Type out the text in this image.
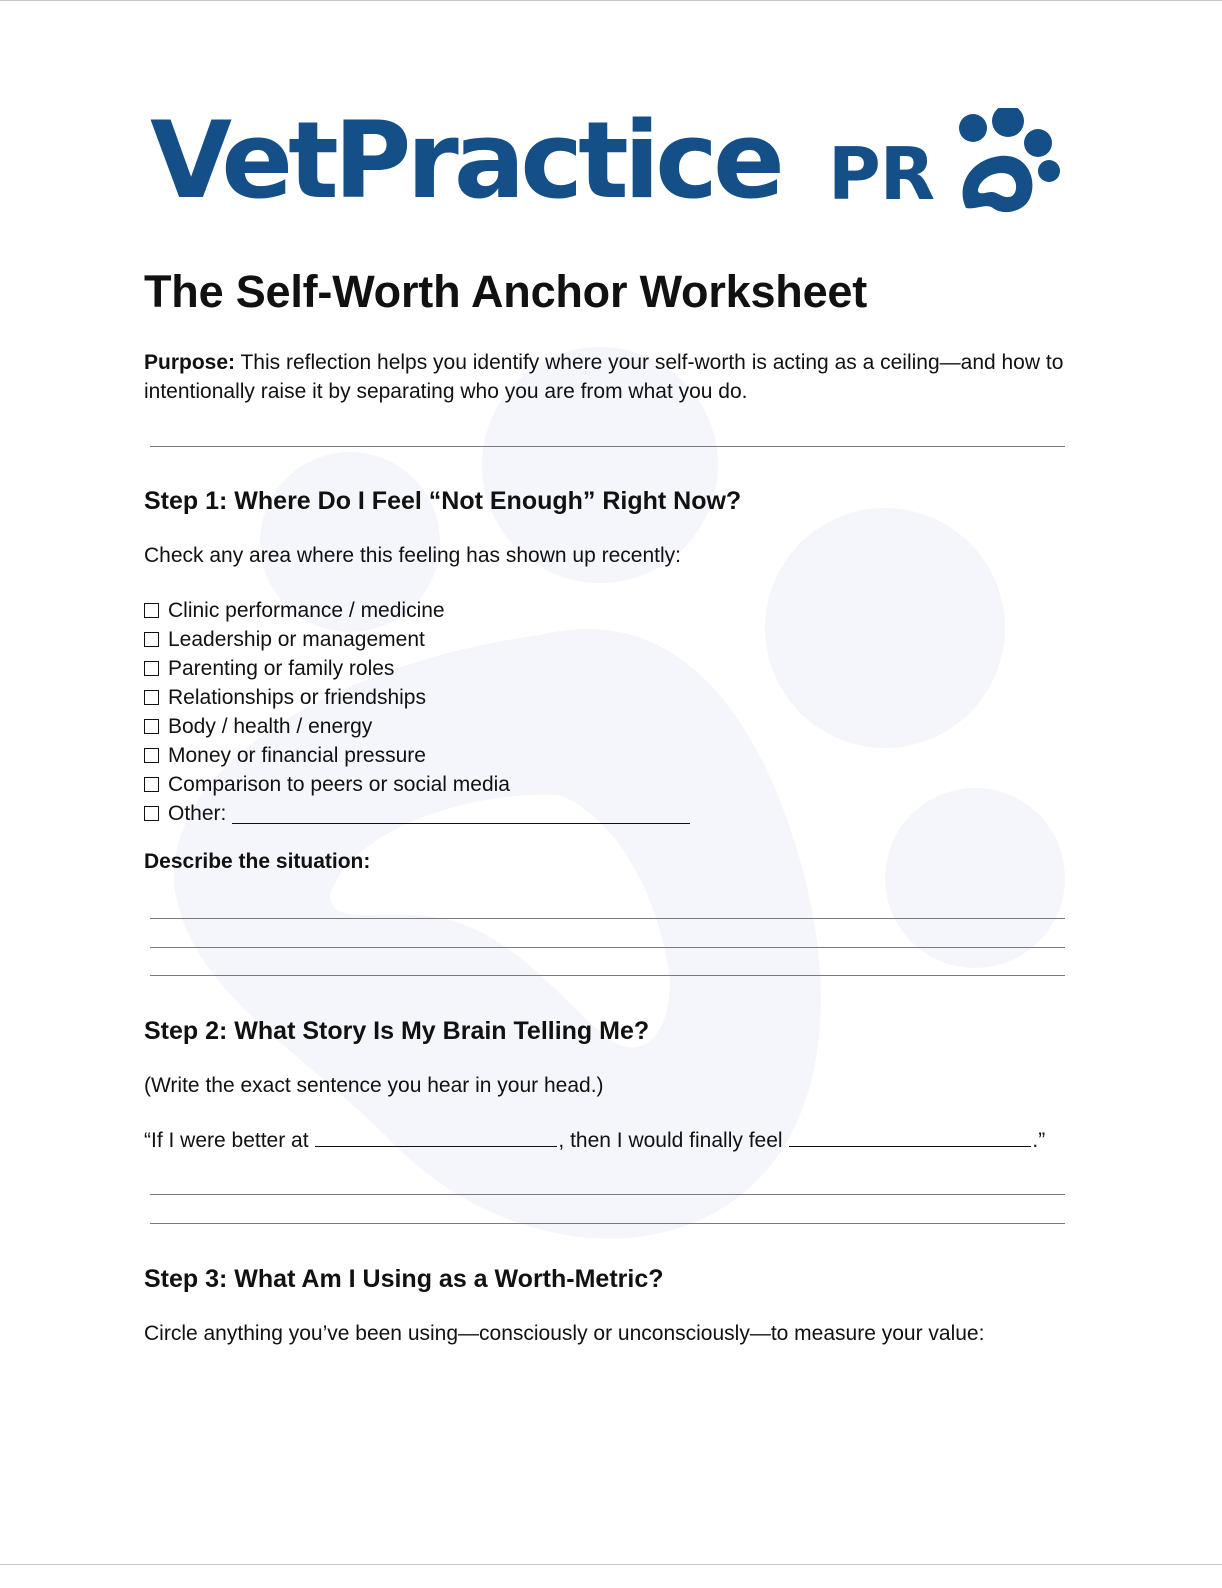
VetPractice PR
The Self-Worth Anchor Worksheet

Purpose: This reflection helps you identify where your self-worth is acting as a ceiling—and how to intentionally raise it by separating who you are from what you do.

Step 1: Where Do I Feel “Not Enough” Right Now?

Check any area where this feeling has shown up recently:

Clinic performance / medicine
Leadership or management
Parenting or family roles
Relationships or friendships
Body / health / energy
Money or financial pressure
Comparison to peers or social media
Other:

Describe the situation:

Step 2: What Story Is My Brain Telling Me?

(Write the exact sentence you hear in your head.)

“If I were better at	, then I would finally feel	.”

Step 3: What Am I Using as a Worth-Metric?

Circle anything you’ve been using—consciously or unconsciously—to measure your value:
